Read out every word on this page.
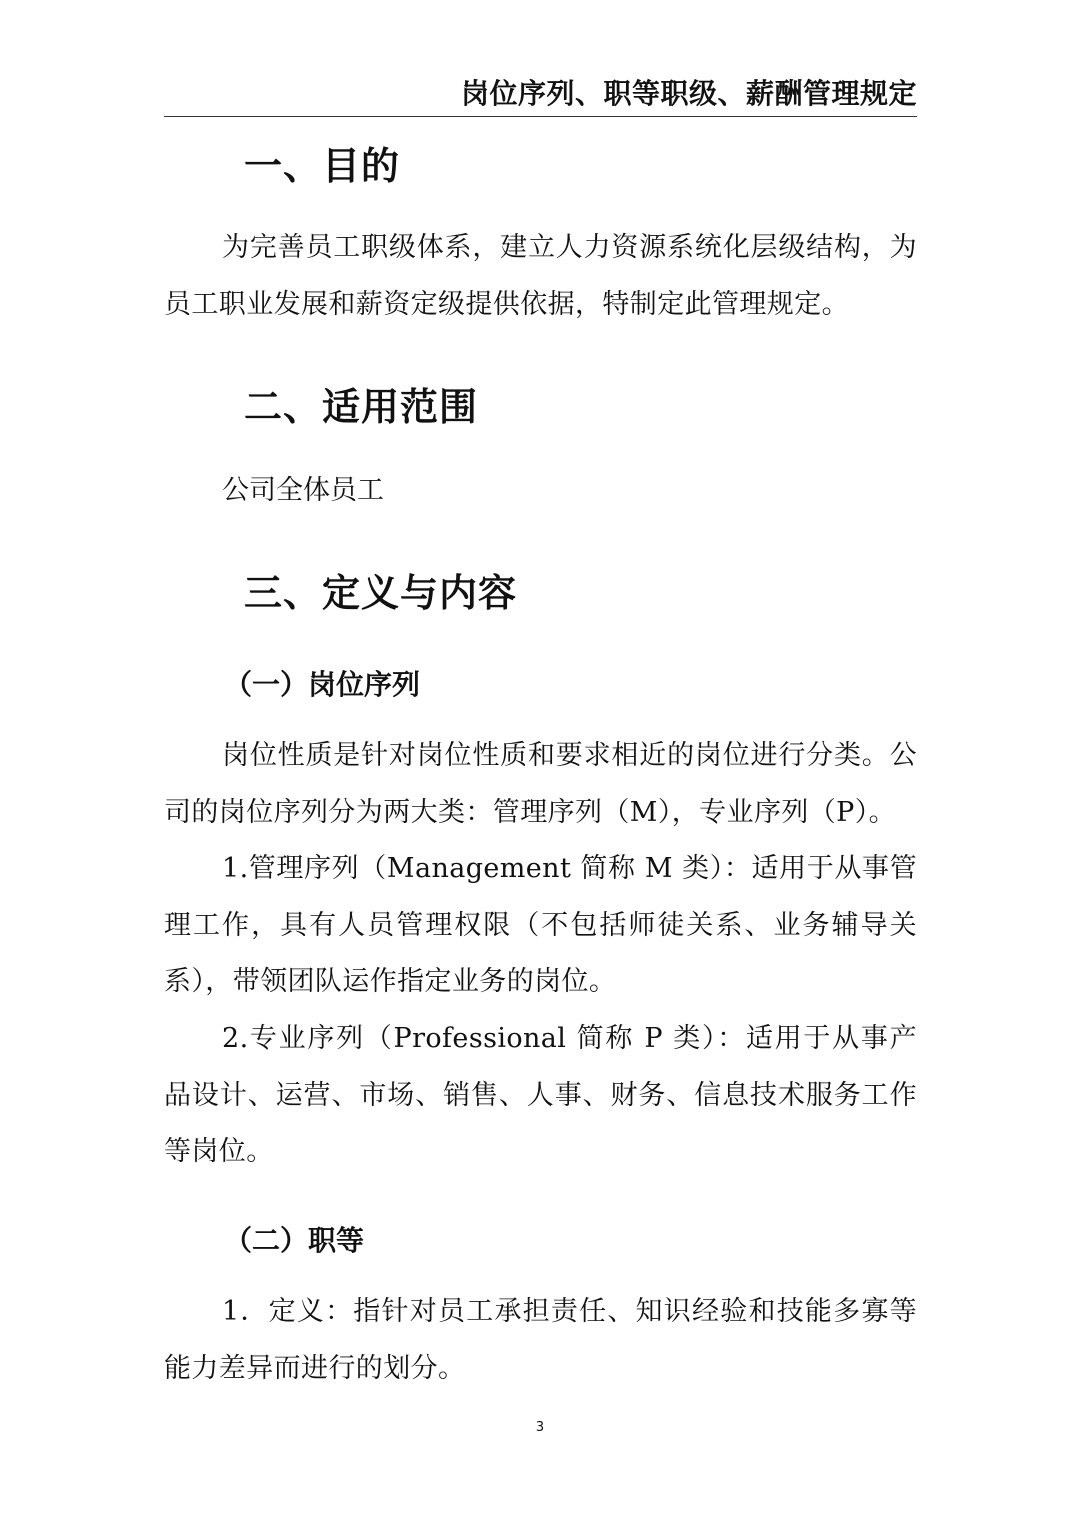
岗位序列、职等职级、薪酬管理规定
一、目的
为完善员工职级体系，建立人力资源系统化层级结构，为员工职业发展和薪资定级提供依据，特制定此管理规定。
二、适用范围
公司全体员工
三、定义与内容
（一）岗位序列
岗位性质是针对岗位性质和要求相近的岗位进行分类。公司的岗位序列分为两大类：管理序列（M），专业序列（P）。
1.管理序列（Management 简称 M 类）：适用于从事管理工作，具有人员管理权限（不包括师徒关系、业务辅导关系），带领团队运作指定业务的岗位。
2.专业序列（Professional 简称 P 类）：适用于从事产品设计、运营、市场、销售、人事、财务、信息技术服务工作等岗位。
（二）职等
1．定义：指针对员工承担责任、知识经验和技能多寡等能力差异而进行的划分。
3
